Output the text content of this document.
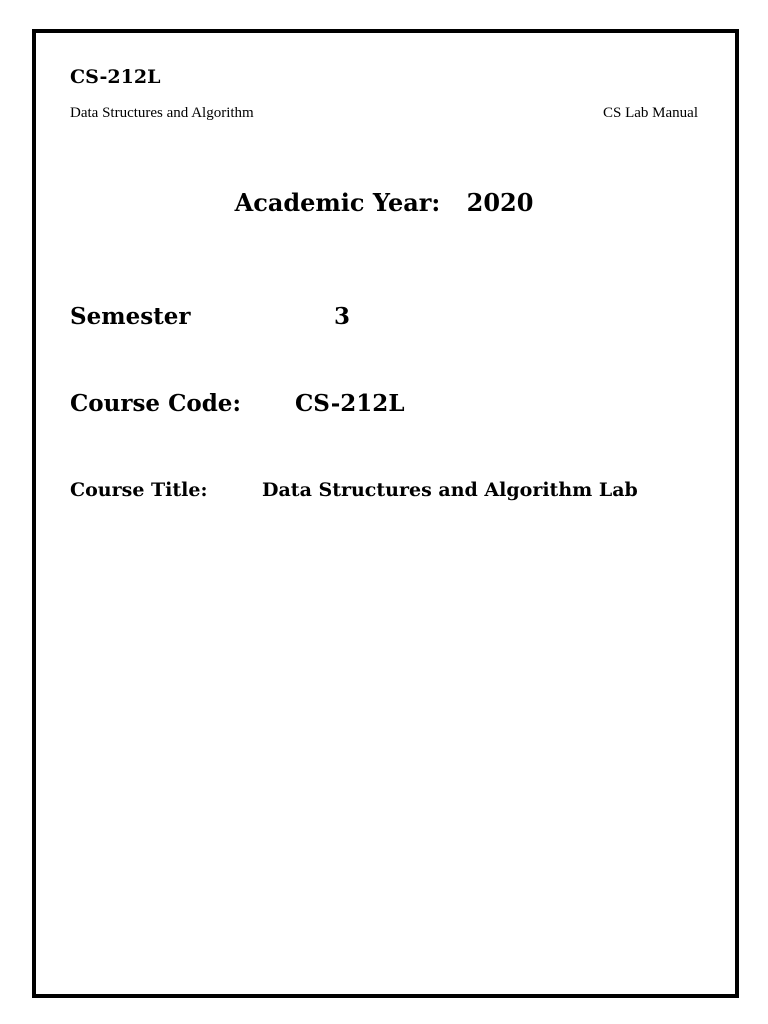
CS-212L
Data Structures and Algorithm	CS Lab Manual
Academic Year: 2020
Semester	3
Course Code: CS-212L
Course Title:	Data Structures and Algorithm Lab
